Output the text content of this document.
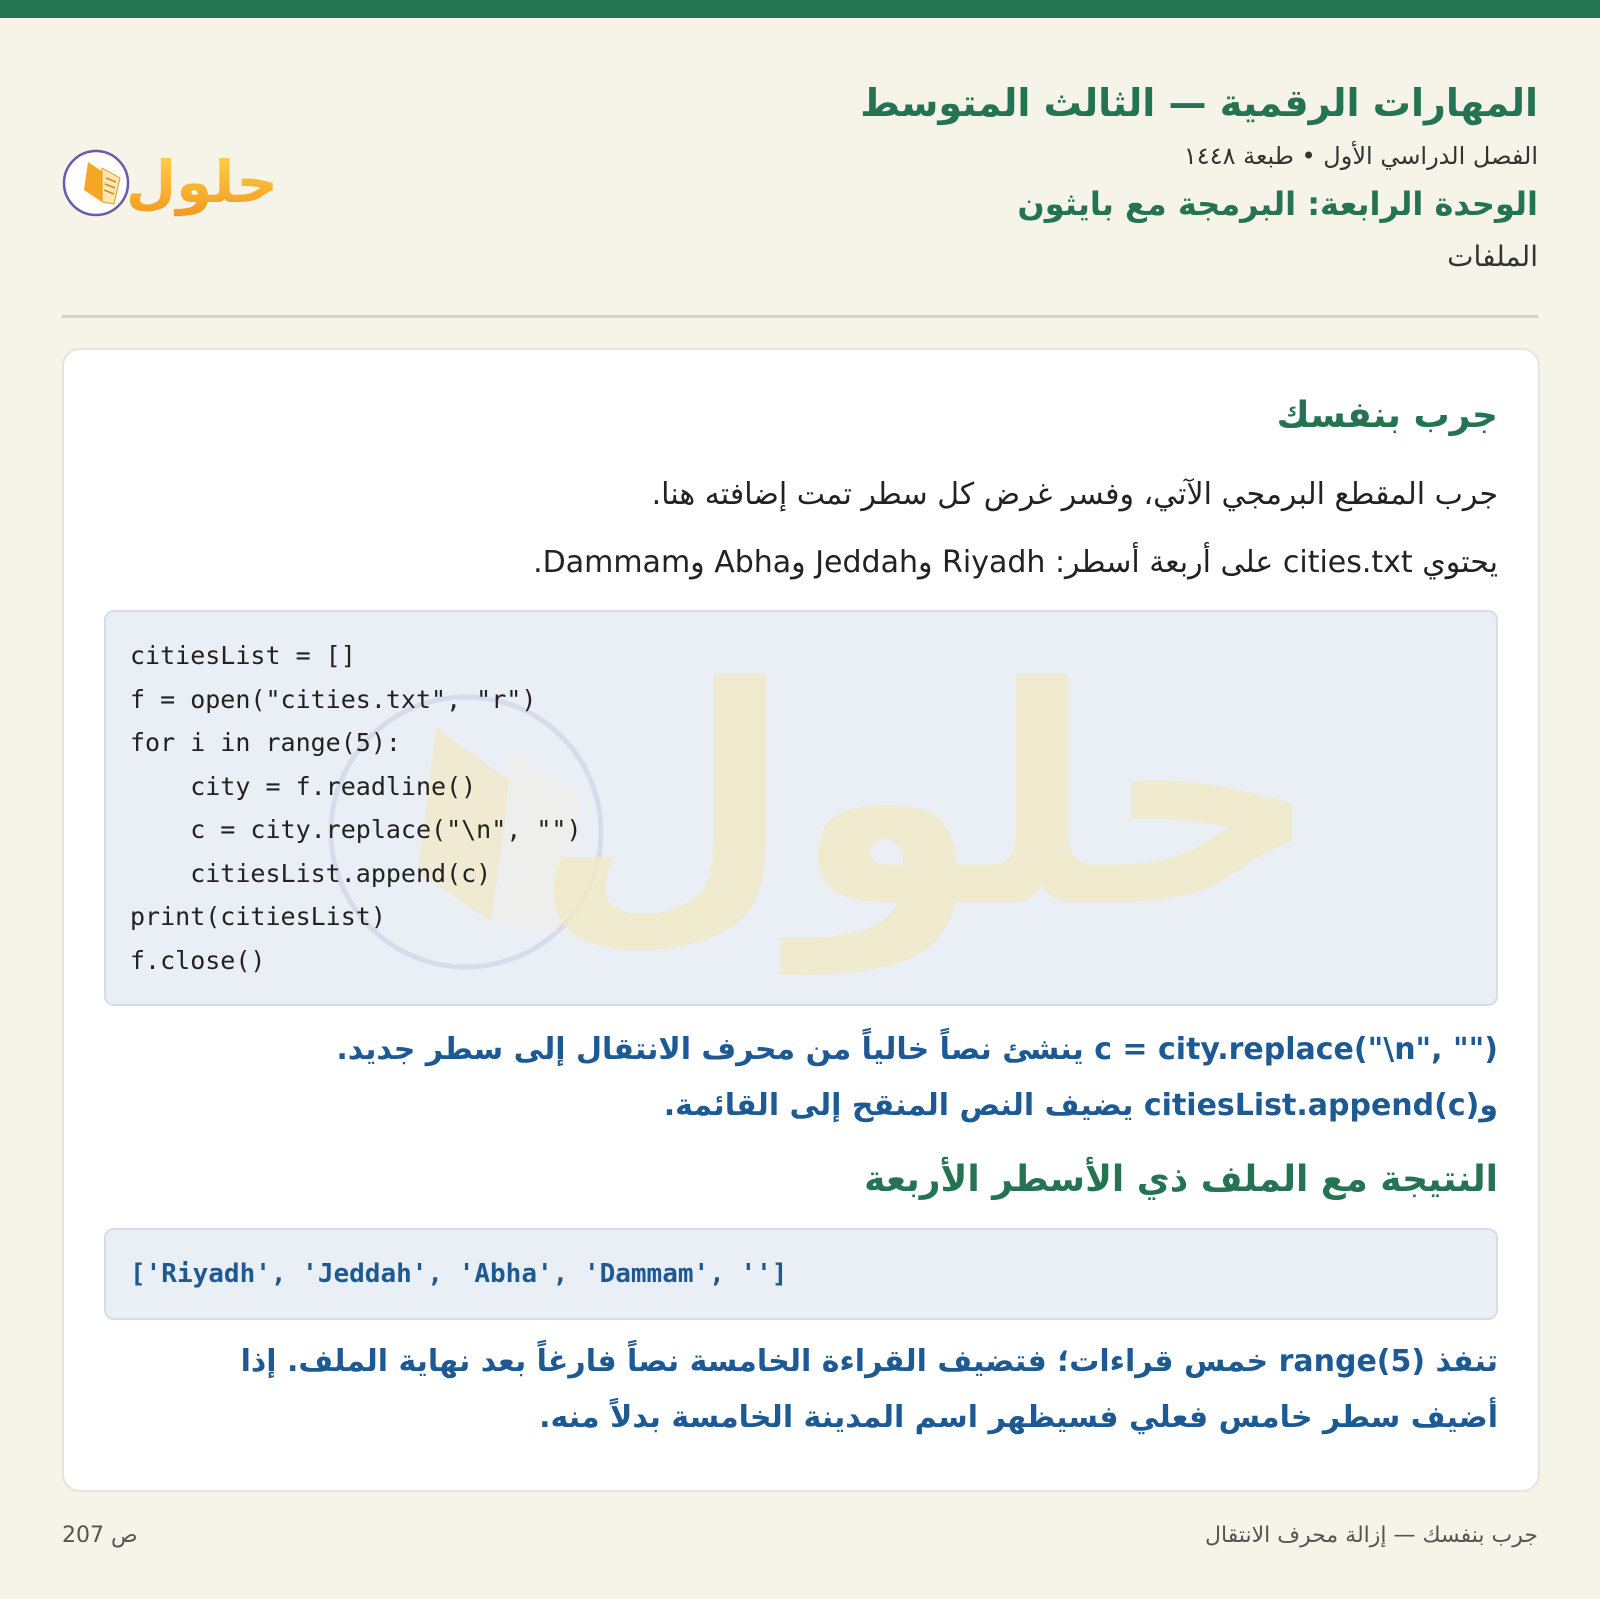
المهارات الرقمية — الثالث المتوسط
الفصل الدراسي الأول • طبعة ١٤٤٨
الوحدة الرابعة: البرمجة مع بايثون
الملفات
حلول
جرب بنفسك
جرب المقطع البرمجي الآتي، وفسر غرض كل سطر تمت إضافته هنا.
يحتوي cities.txt على أربعة أسطر: Riyadh وJeddah وAbha وDammam.
حلول
citiesList = []
f = open("cities.txt", "r")
for i in range(5):
city = f.readline()
c = city.replace("\n", "")
citiesList.append(c)
print(citiesList)
f.close()
c = city.replace("\n", "") ينشئ نصاً خالياً من محرف الانتقال إلى سطر جديد.
وcitiesList.append(c) يضيف النص المنقح إلى القائمة.
النتيجة مع الملف ذي الأسطر الأربعة
['Riyadh', 'Jeddah', 'Abha', 'Dammam', '']
تنفذ range(5) خمس قراءات؛ فتضيف القراءة الخامسة نصاً فارغاً بعد نهاية الملف. إذا أضيف سطر خامس فعلي فسيظهر اسم المدينة الخامسة بدلاً منه.
جرب بنفسك — إزالة محرف الانتقال
ص 207
